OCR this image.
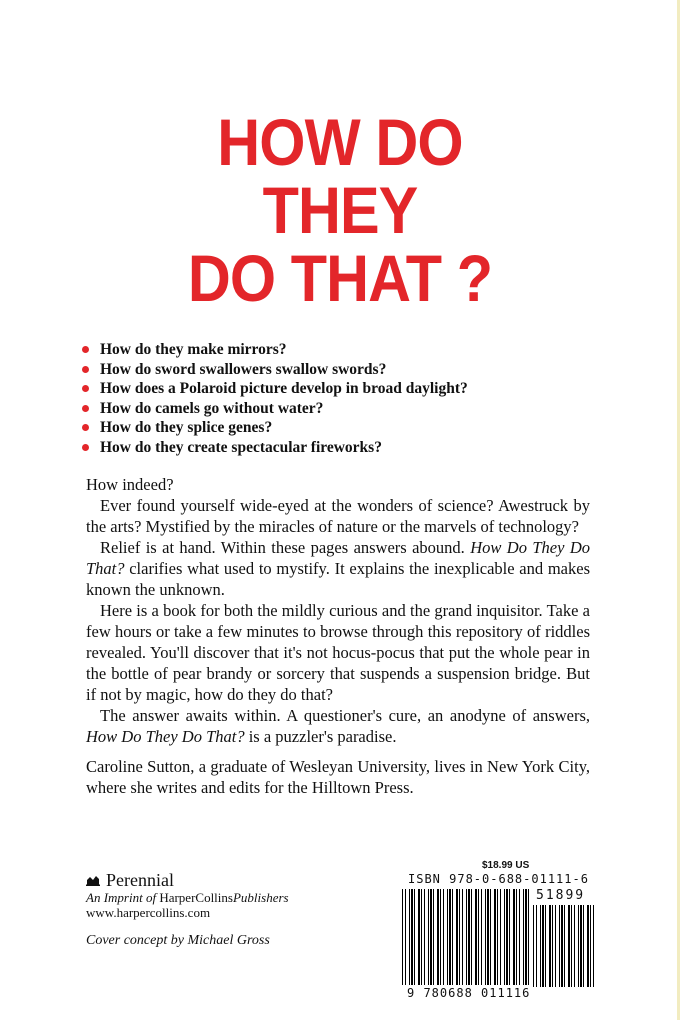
HOW DO
THEY
DO THAT ?
How do they make mirrors?
How do sword swallowers swallow swords?
How does a Polaroid picture develop in broad daylight?
How do camels go without water?
How do they splice genes?
How do they create spectacular fireworks?

How indeed?

Ever found yourself wide-eyed at the wonders of science? Awestruck by the arts? Mystified by the miracles of nature or the marvels of technology?

Relief is at hand. Within these pages answers abound. How Do They Do That? clarifies what used to mystify. It explains the inexplicable and makes known the unknown.

Here is a book for both the mildly curious and the grand inquisitor. Take a few hours or take a few minutes to browse through this repository of riddles revealed. You'll discover that it's not hocus-pocus that put the whole pear in the bottle of pear brandy or sorcery that suspends a suspension bridge. But if not by magic, how do they do that?

The answer awaits within. A questioner's cure, an anodyne of answers, How Do They Do That? is a puzzler's paradise.

Caroline Sutton, a graduate of Wesleyan University, lives in New York City, where she writes and edits for the Hilltown Press.

Perennial
An Imprint of HarperCollinsPublishers
www.harpercollins.com
Cover concept by Michael Gross
$18.99 US
ISBN 978-0-688-01111-6
51899
9 780688 011116
